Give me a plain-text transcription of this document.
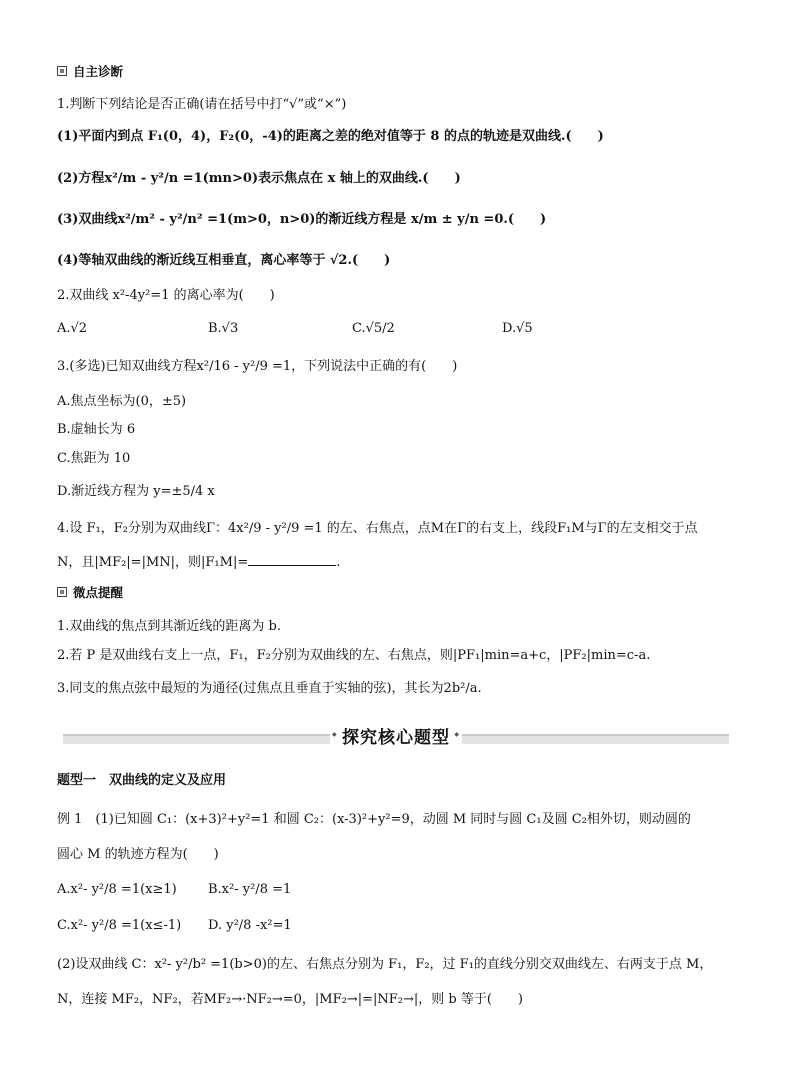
自主诊断
1.判断下列结论是否正确(请在括号中打“√”或“×”)
(1)平面内到点 F₁(0，4)，F₂(0，-4)的距离之差的绝对值等于 8 的点的轨迹是双曲线.(　　)
(2)方程x²/m - y²/n =1(mn>0)表示焦点在 x 轴上的双曲线.(　　)
(3)双曲线x²/m² - y²/n² =1(m>0，n>0)的渐近线方程是 x/m ± y/n =0.(　　)
(4)等轴双曲线的渐近线互相垂直，离心率等于 √2.(　　)
2.双曲线 x²-4y²=1 的离心率为(　　)
A.√2	B.√3	C.√5/2	D.√5
3.(多选)已知双曲线方程x²/16 - y²/9 =1，下列说法中正确的有(　　)
A.焦点坐标为(0，±5)
B.虚轴长为 6
C.焦距为 10
D.渐近线方程为 y=±5/4 x
4.设 F₁，F₂分别为双曲线Γ：4x²/9 - y²/9 =1 的左、右焦点，点M在Γ的右支上，线段F₁M与Γ的左支相交于点
N，且|MF₂|=|MN|，则|F₁M|=	.
微点提醒
1.双曲线的焦点到其渐近线的距离为 b.
2.若 P 是双曲线右支上一点，F₁，F₂分别为双曲线的左、右焦点，则|PF₁|min=a+c，|PF₂|min=c-a.
3.同支的焦点弦中最短的为通径(过焦点且垂直于实轴的弦)，其长为2b²/a.
◆ 探究核心题型 ◆
题型一　双曲线的定义及应用
例 1　(1)已知圆 C₁：(x+3)²+y²=1 和圆 C₂：(x-3)²+y²=9，动圆 M 同时与圆 C₁及圆 C₂相外切，则动圆的
圆心 M 的轨迹方程为(　　)
A.x²- y²/8 =1(x≥1) B.x²- y²/8 =1
C.x²- y²/8 =1(x≤-1) D. y²/8 -x²=1
(2)设双曲线 C：x²- y²/b² =1(b>0)的左、右焦点分别为 F₁，F₂，过 F₁的直线分别交双曲线左、右两支于点 M，
N，连接 MF₂，NF₂，若MF₂→·NF₂→=0，|MF₂→|=|NF₂→|，则 b 等于(　　)
